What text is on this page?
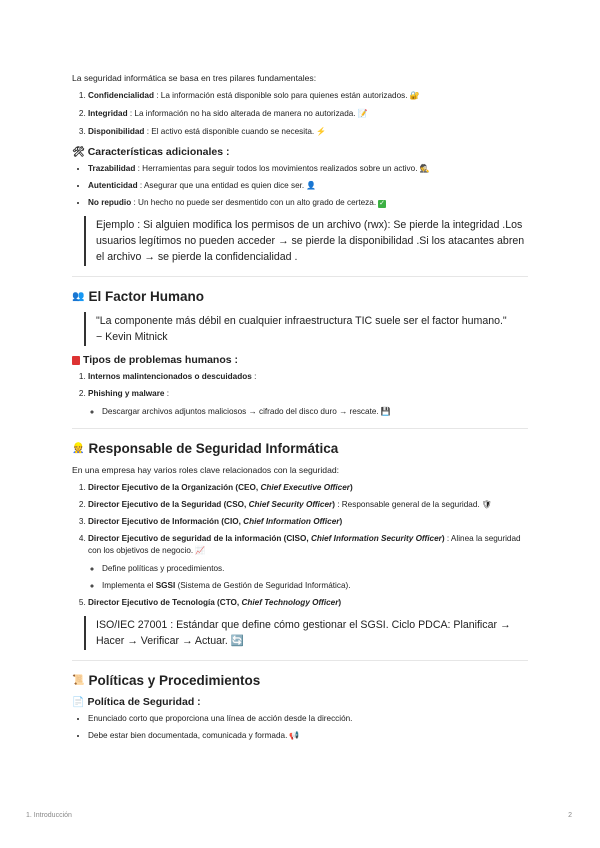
La seguridad informática se basa en tres pilares fundamentales:

1. Confidencialidad : La información está disponible solo para quienes están autorizados. 🔐
2. Integridad : La información no ha sido alterada de manera no autorizada. 📝
3. Disponibilidad : El activo está disponible cuando se necesita. ⚡
🛠 Características adicionales :
• Trazabilidad : Herramientas para seguir todos los movimientos realizados sobre un activo. 🕵
• Autenticidad : Asegurar que una entidad es quien dice ser. 👤
• No repudio : Un hecho no puede ser desmentido con un alto grado de certeza. ✓
Ejemplo : Si alguien modifica los permisos de un archivo (rwx): Se pierde la integridad .Los usuarios legítimos no pueden acceder → se pierde la disponibilidad .Si los atacantes abren el archivo → se pierde la confidencialidad .
👥 El Factor Humano
"La componente más débil en cualquier infraestructura TIC suele ser el factor humano."
− Kevin Mitnick
Tipos de problemas humanos :
1. Internos malintencionados o descuidados :
2. Phishing y malware :
◦ Descargar archivos adjuntos maliciosos → cifrado del disco duro → rescate. 💾
👷 Responsable de Seguridad Informática

En una empresa hay varios roles clave relacionados con la seguridad:

1. Director Ejecutivo de la Organización (CEO, Chief Executive Officer)
2. Director Ejecutivo de la Seguridad (CSO, Chief Security Officer) : Responsable general de la seguridad. 🛡
3. Director Ejecutivo de Información (CIO, Chief Information Officer)
4. Director Ejecutivo de seguridad de la información (CISO, Chief Information Security Officer) : Alinea la seguridad con los objetivos de negocio. 📈
◦ Define políticas y procedimientos.
◦ Implementa el SGSI (Sistema de Gestión de Seguridad Informática).
5. Director Ejecutivo de Tecnología (CTO, Chief Technology Officer)
ISO/IEC 27001 : Estándar que define cómo gestionar el SGSI. Ciclo PDCA: Planificar → Hacer → Verificar → Actuar. 🔄
📜 Políticas y Procedimientos
📄 Política de Seguridad :
• Enunciado corto que proporciona una línea de acción desde la dirección.
• Debe estar bien documentada, comunicada y formada. 📢
1. Introducción	2
